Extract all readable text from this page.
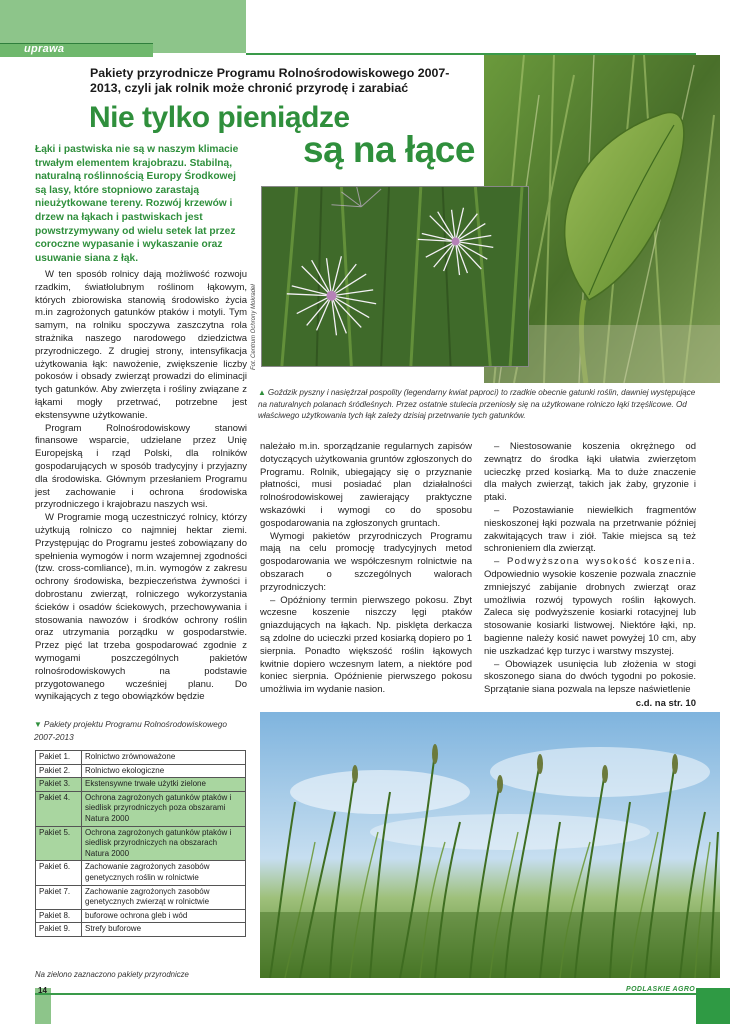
uprawa
Pakiety przyrodnicze Programu Rolnośrodowiskowego 2007-2013, czyli jak rolnik może chronić przyrodę i zarabiać
Nie tylko pieniądze
są na łące
Fot. Centrum Ochrony Mokradeł
Łąki i pastwiska nie są w naszym klimacie trwałym elementem krajobrazu. Stabilną, naturalną roślinnością Europy Środkowej są lasy, które stopniowo zarastają nieużytkowane tereny. Rozwój krzewów i drzew na łąkach i pastwiskach jest powstrzymywany od wielu setek lat przez coroczne wypasanie i wykaszanie oraz usuwanie siana z łąk.
▲ Goździk pyszny i nasięźrzał pospolity (legendarny kwiat paproci) to rzadkie obecnie gatunki roślin, dawniej występujące na naturalnych polanach śródleśnych. Przez ostatnie stulecia przeniosły się na użytkowane rolniczo łąki trzęślicowe. Od właściwego użytkowania tych łąk zależy dzisiaj przetrwanie tych gatunków.

W ten sposób rolnicy dają możliwość rozwoju rzadkim, światłolubnym roślinom łąkowym, których zbiorowiska stanowią środowisko życia m.in zagrożonych gatunków ptaków i motyli. Tym samym, na rolniku spoczywa zaszczytna rola strażnika naszego narodowego dziedzictwa przyrodniczego. Z drugiej strony, intensyfikacja użytkowania łąk: nawożenie, zwiększenie liczby pokosów i obsady zwierząt prowadzi do eliminacji tych gatunków. Aby zwierzęta i rośliny związane z łąkami mogły przetrwać, potrzebne jest ekstensywne użytkowanie.

Program Rolnośrodowiskowy stanowi finansowe wsparcie, udzielane przez Unię Europejską i rząd Polski, dla rolników gospodarujących w sposób tradycyjny i przyjazny dla środowiska. Głównym przesłaniem Programu jest zachowanie i ochrona środowiska przyrodniczego i krajobrazu naszych wsi.

W Programie mogą uczestniczyć rolnicy, którzy użytkują rolniczo co najmniej hektar ziemi. Przystępując do Programu jesteś zobowiązany do spełnienia wymogów i norm wzajemnej zgodności (tzw. cross-comliance), m.in. wymogów z zakresu ochrony środowiska, bezpieczeństwa żywności i dobrostanu zwierząt, rolniczego wykorzystania ścieków i osadów ściekowych, przechowywania i stosowania nawozów i środków ochrony roślin oraz utrzymania porządku w gospodarstwie. Przez pięć lat trzeba gospodarować zgodnie z wymogami poszczególnych pakietów rolnośrodowiskowych na podstawie przygotowanego wcześniej planu. Do wynikających z tego obowiązków będzie

należało m.in. sporządzanie regularnych zapisów dotyczących użytkowania gruntów zgłoszonych do Programu. Rolnik, ubiegający się o przyznanie płatności, musi posiadać plan działalności rolnośrodowiskowej zawierający praktyczne wskazówki i wymogi co do sposobu gospodarowania na zgłoszonych gruntach.

Wymogi pakietów przyrodniczych Programu mają na celu promocję tradycyjnych metod gospodarowania we współczesnym rolnictwie na obszarach o szczególnych walorach przyrodniczych:

– Opóźniony termin pierwszego pokosu. Zbyt wczesne koszenie niszczy lęgi ptaków gniazdujących na łąkach. Np. pisklęta derkacza są zdolne do ucieczki przed kosiarką dopiero po 1 sierpnia. Ponadto większość roślin łąkowych kwitnie dopiero wczesnym latem, a niektóre pod koniec sierpnia. Opóźnienie pierwszego pokosu umożliwia im wydanie nasion.

– Niestosowanie koszenia okrężnego od zewnątrz do środka łąki ułatwia zwierzętom ucieczkę przed kosiarką. Ma to duże znaczenie dla małych zwierząt, takich jak żaby, gryzonie i ptaki.

– Pozostawianie niewielkich fragmentów nieskoszonej łąki pozwala na przetrwanie później zakwitających traw i ziół. Takie miejsca są też schronieniem dla zwierząt.

– Podwyższona wysokość koszenia. Odpowiednio wysokie koszenie pozwala znacznie zmniejszyć zabijanie drobnych zwierząt oraz umożliwia rozwój typowych roślin łąkowych. Zaleca się podwyższenie kosiarki rotacyjnej lub stosowanie kosiarki listwowej. Niektóre łąki, np. bagienne należy kosić nawet powyżej 10 cm, aby nie uszkadzać kęp turzyc i warstwy mszystej.

– Obowiązek usunięcia lub złożenia w stogi skoszonego siana do dwóch tygodni po pokosie. Sprzątanie siana pozwala na lepsze naświetlenie

c.d. na str. 10

▼ Pakiety projektu Programu Rolnośrodowiskowego 2007-2013
Pakiet 1.	Rolnictwo zrównoważone
Pakiet 2.	Rolnictwo ekologiczne
Pakiet 3.	Ekstensywne trwałe użytki zielone
Pakiet 4.	Ochrona zagrożonych gatunków ptaków i siedlisk przyrodniczych poza obszarami Natura 2000
Pakiet 5.	Ochrona zagrożonych gatunków ptaków i siedlisk przyrodniczych na obszarach Natura 2000
Pakiet 6.	Zachowanie zagrożonych zasobów genetycznych roślin w rolnictwie
Pakiet 7.	Zachowanie zagrożonych zasobów genetycznych zwierząt w rolnictwie
Pakiet 8.	buforowe ochrona gleb i wód
Pakiet 9.	Strefy buforowe
Na zielono zaznaczono pakiety przyrodnicze
14	PODLASKIE AGRO
